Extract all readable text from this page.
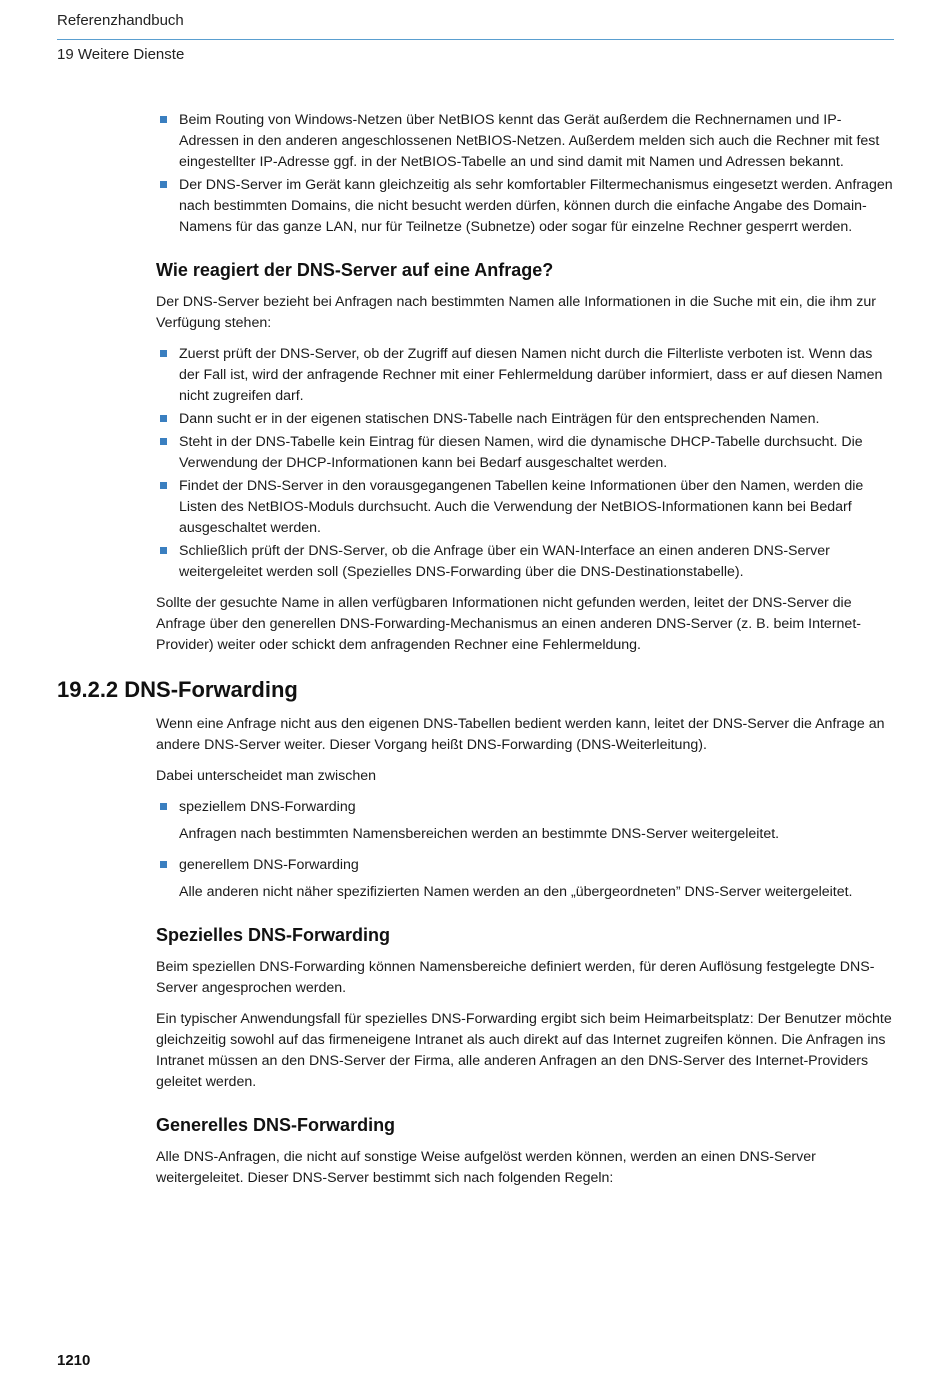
Referenzhandbuch
19 Weitere Dienste
Beim Routing von Windows-Netzen über NetBIOS kennt das Gerät außerdem die Rechnernamen und IP-Adressen in den anderen angeschlossenen NetBIOS-Netzen. Außerdem melden sich auch die Rechner mit fest eingestellter IP-Adresse ggf. in der NetBIOS-Tabelle an und sind damit mit Namen und Adressen bekannt.
Der DNS-Server im Gerät kann gleichzeitig als sehr komfortabler Filtermechanismus eingesetzt werden. Anfragen nach bestimmten Domains, die nicht besucht werden dürfen, können durch die einfache Angabe des Domain-Namens für das ganze LAN, nur für Teilnetze (Subnetze) oder sogar für einzelne Rechner gesperrt werden.
Wie reagiert der DNS-Server auf eine Anfrage?

Der DNS-Server bezieht bei Anfragen nach bestimmten Namen alle Informationen in die Suche mit ein, die ihm zur Verfügung stehen:

Zuerst prüft der DNS-Server, ob der Zugriff auf diesen Namen nicht durch die Filterliste verboten ist. Wenn das der Fall ist, wird der anfragende Rechner mit einer Fehlermeldung darüber informiert, dass er auf diesen Namen nicht zugreifen darf.
Dann sucht er in der eigenen statischen DNS-Tabelle nach Einträgen für den entsprechenden Namen.
Steht in der DNS-Tabelle kein Eintrag für diesen Namen, wird die dynamische DHCP-Tabelle durchsucht. Die Verwendung der DHCP-Informationen kann bei Bedarf ausgeschaltet werden.
Findet der DNS-Server in den vorausgegangenen Tabellen keine Informationen über den Namen, werden die Listen des NetBIOS-Moduls durchsucht. Auch die Verwendung der NetBIOS-Informationen kann bei Bedarf ausgeschaltet werden.
Schließlich prüft der DNS-Server, ob die Anfrage über ein WAN-Interface an einen anderen DNS-Server weitergeleitet werden soll (Spezielles DNS-Forwarding über die DNS-Destinationstabelle).

Sollte der gesuchte Name in allen verfügbaren Informationen nicht gefunden werden, leitet der DNS-Server die Anfrage über den generellen DNS-Forwarding-Mechanismus an einen anderen DNS-Server (z. B. beim Internet-Provider) weiter oder schickt dem anfragenden Rechner eine Fehlermeldung.

19.2.2 DNS-Forwarding

Wenn eine Anfrage nicht aus den eigenen DNS-Tabellen bedient werden kann, leitet der DNS-Server die Anfrage an andere DNS-Server weiter. Dieser Vorgang heißt DNS-Forwarding (DNS-Weiterleitung).

Dabei unterscheidet man zwischen

speziellem DNS-Forwarding

Anfragen nach bestimmten Namensbereichen werden an bestimmte DNS-Server weitergeleitet.

generellem DNS-Forwarding

Alle anderen nicht näher spezifizierten Namen werden an den „übergeordneten” DNS-Server weitergeleitet.

Spezielles DNS-Forwarding

Beim speziellen DNS-Forwarding können Namensbereiche definiert werden, für deren Auflösung festgelegte DNS-Server angesprochen werden.

Ein typischer Anwendungsfall für spezielles DNS-Forwarding ergibt sich beim Heimarbeitsplatz: Der Benutzer möchte gleichzeitig sowohl auf das firmeneigene Intranet als auch direkt auf das Internet zugreifen können. Die Anfragen ins Intranet müssen an den DNS-Server der Firma, alle anderen Anfragen an den DNS-Server des Internet-Providers geleitet werden.

Generelles DNS-Forwarding

Alle DNS-Anfragen, die nicht auf sonstige Weise aufgelöst werden können, werden an einen DNS-Server weitergeleitet. Dieser DNS-Server bestimmt sich nach folgenden Regeln:

1210
